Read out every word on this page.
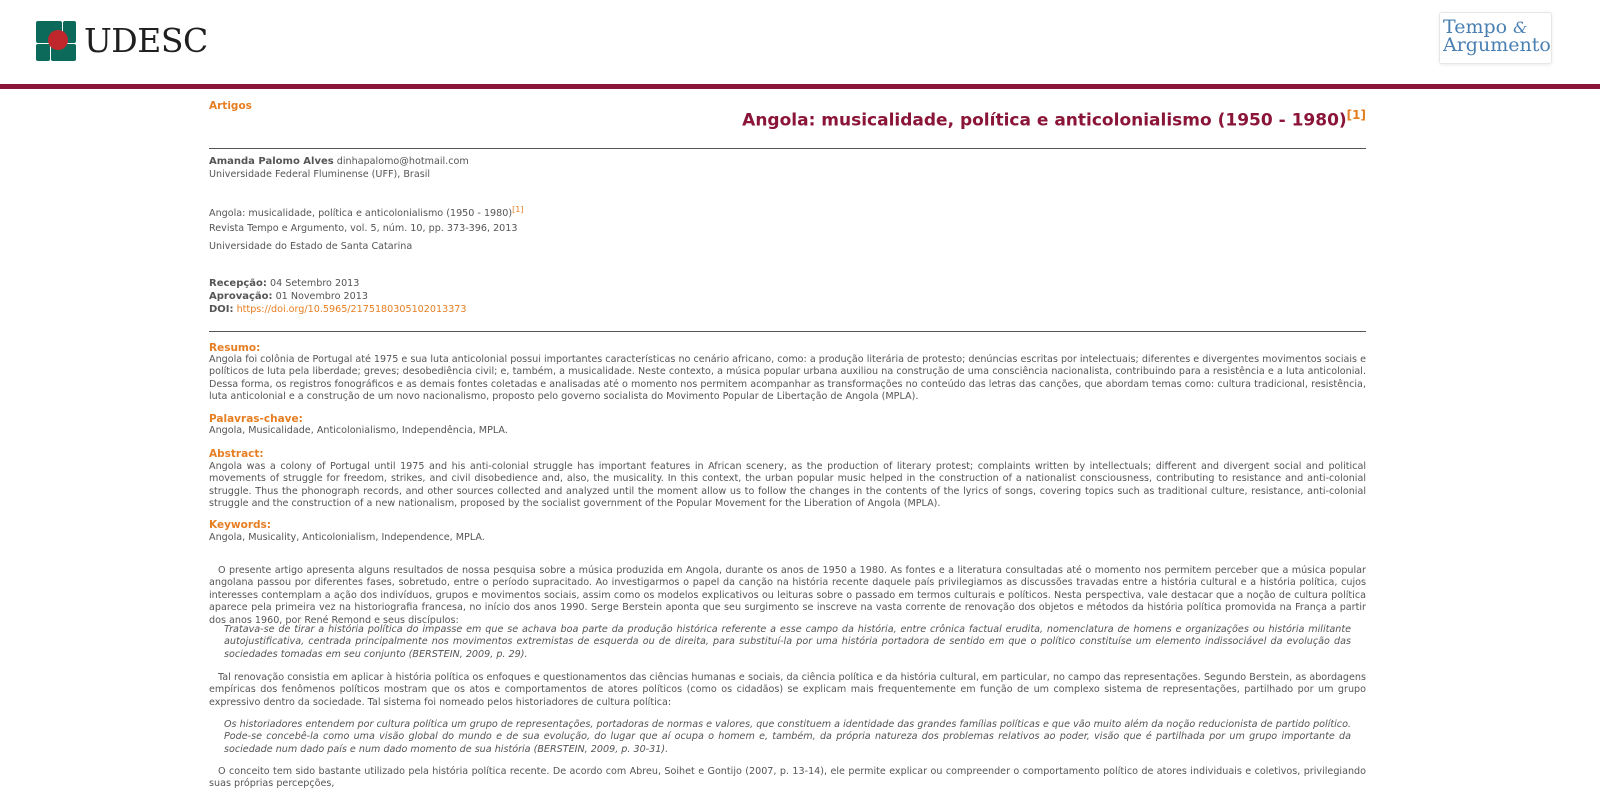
UDESC	Tempo &
Argumento
Artigos
Angola: musicalidade, política e anticolonialismo (1950 - 1980)[1]
Amanda Palomo Alves dinhapalomo@hotmail.com
Universidade Federal Fluminense (UFF), Brasil
Angola: musicalidade, política e anticolonialismo (1950 - 1980)[1]
Revista Tempo e Argumento, vol. 5, núm. 10, pp. 373-396, 2013
Universidade do Estado de Santa Catarina
Recepção: 04 Setembro 2013
Aprovação: 01 Novembro 2013
DOI: https://doi.org/10.5965/2175180305102013373
Resumo:

Angola foi colônia de Portugal até 1975 e sua luta anticolonial possui importantes características no cenário africano, como: a produção literária de protesto; denúncias escritas por intelectuais; diferentes e divergentes movimentos sociais e políticos de luta pela liberdade; greves; desobediência civil; e, também, a musicalidade. Neste contexto, a música popular urbana auxiliou na construção de uma consciência nacionalista, contribuindo para a resistência e a luta anticolonial. Dessa forma, os registros fonográficos e as demais fontes coletadas e analisadas até o momento nos permitem acompanhar as transformações no conteúdo das letras das canções, que abordam temas como: cultura tradicional, resistência, luta anticolonial e a construção de um novo nacionalismo, proposto pelo governo socialista do Movimento Popular de Libertação de Angola (MPLA).

Palavras-chave:
Angola, Musicalidade, Anticolonialismo, Independência, MPLA.
Abstract:

Angola was a colony of Portugal until 1975 and his anti-colonial struggle has important features in African scenery, as the production of literary protest; complaints written by intellectuals; different and divergent social and political movements of struggle for freedom, strikes, and civil disobedience and, also, the musicality. In this context, the urban popular music helped in the construction of a nationalist consciousness, contributing to resistance and anti-colonial struggle. Thus the phonograph records, and other sources collected and analyzed until the moment allow us to follow the changes in the contents of the lyrics of songs, covering topics such as traditional culture, resistance, anti-colonial struggle and the construction of a new nationalism, proposed by the socialist government of the Popular Movement for the Liberation of Angola (MPLA).

Keywords:
Angola, Musicality, Anticolonialism, Independence, MPLA.

O presente artigo apresenta alguns resultados de nossa pesquisa sobre a música produzida em Angola, durante os anos de 1950 a 1980. As fontes e a literatura consultadas até o momento nos permitem perceber que a música popular angolana passou por diferentes fases, sobretudo, entre o período supracitado. Ao investigarmos o papel da canção na história recente daquele país privilegiamos as discussões travadas entre a história cultural e a história política, cujos interesses contemplam a ação dos indivíduos, grupos e movimentos sociais, assim como os modelos explicativos ou leituras sobre o passado em termos culturais e políticos. Nesta perspectiva, vale destacar que a noção de cultura política aparece pela primeira vez na historiografia francesa, no início dos anos 1990. Serge Berstein aponta que seu surgimento se inscreve na vasta corrente de renovação dos objetos e métodos da história política promovida na França a partir dos anos 1960, por René Remond e seus discípulos:

Tratava-se de tirar a história política do impasse em que se achava boa parte da produção histórica referente a esse campo da história, entre crônica factual erudita, nomenclatura de homens e organizações ou história militante autojustificativa, centrada principalmente nos movimentos extremistas de esquerda ou de direita, para substituí-la por uma história portadora de sentido em que o político constituíse um elemento indissociável da evolução das sociedades tomadas em seu conjunto (BERSTEIN, 2009, p. 29).

Tal renovação consistia em aplicar à história política os enfoques e questionamentos das ciências humanas e sociais, da ciência política e da história cultural, em particular, no campo das representações. Segundo Berstein, as abordagens empíricas dos fenômenos políticos mostram que os atos e comportamentos de atores políticos (como os cidadãos) se explicam mais frequentemente em função de um complexo sistema de representações, partilhado por um grupo expressivo dentro da sociedade. Tal sistema foi nomeado pelos historiadores de cultura política:

Os historiadores entendem por cultura política um grupo de representações, portadoras de normas e valores, que constituem a identidade das grandes famílias políticas e que vão muito além da noção reducionista de partido político. Pode-se concebê-la como uma visão global do mundo e de sua evolução, do lugar que aí ocupa o homem e, também, da própria natureza dos problemas relativos ao poder, visão que é partilhada por um grupo importante da sociedade num dado país e num dado momento de sua história (BERSTEIN, 2009, p. 30-31).

O conceito tem sido bastante utilizado pela história política recente. De acordo com Abreu, Soihet e Gontijo (2007, p. 13-14), ele permite explicar ou compreender o comportamento político de atores individuais e coletivos, privilegiando suas próprias percepções,
